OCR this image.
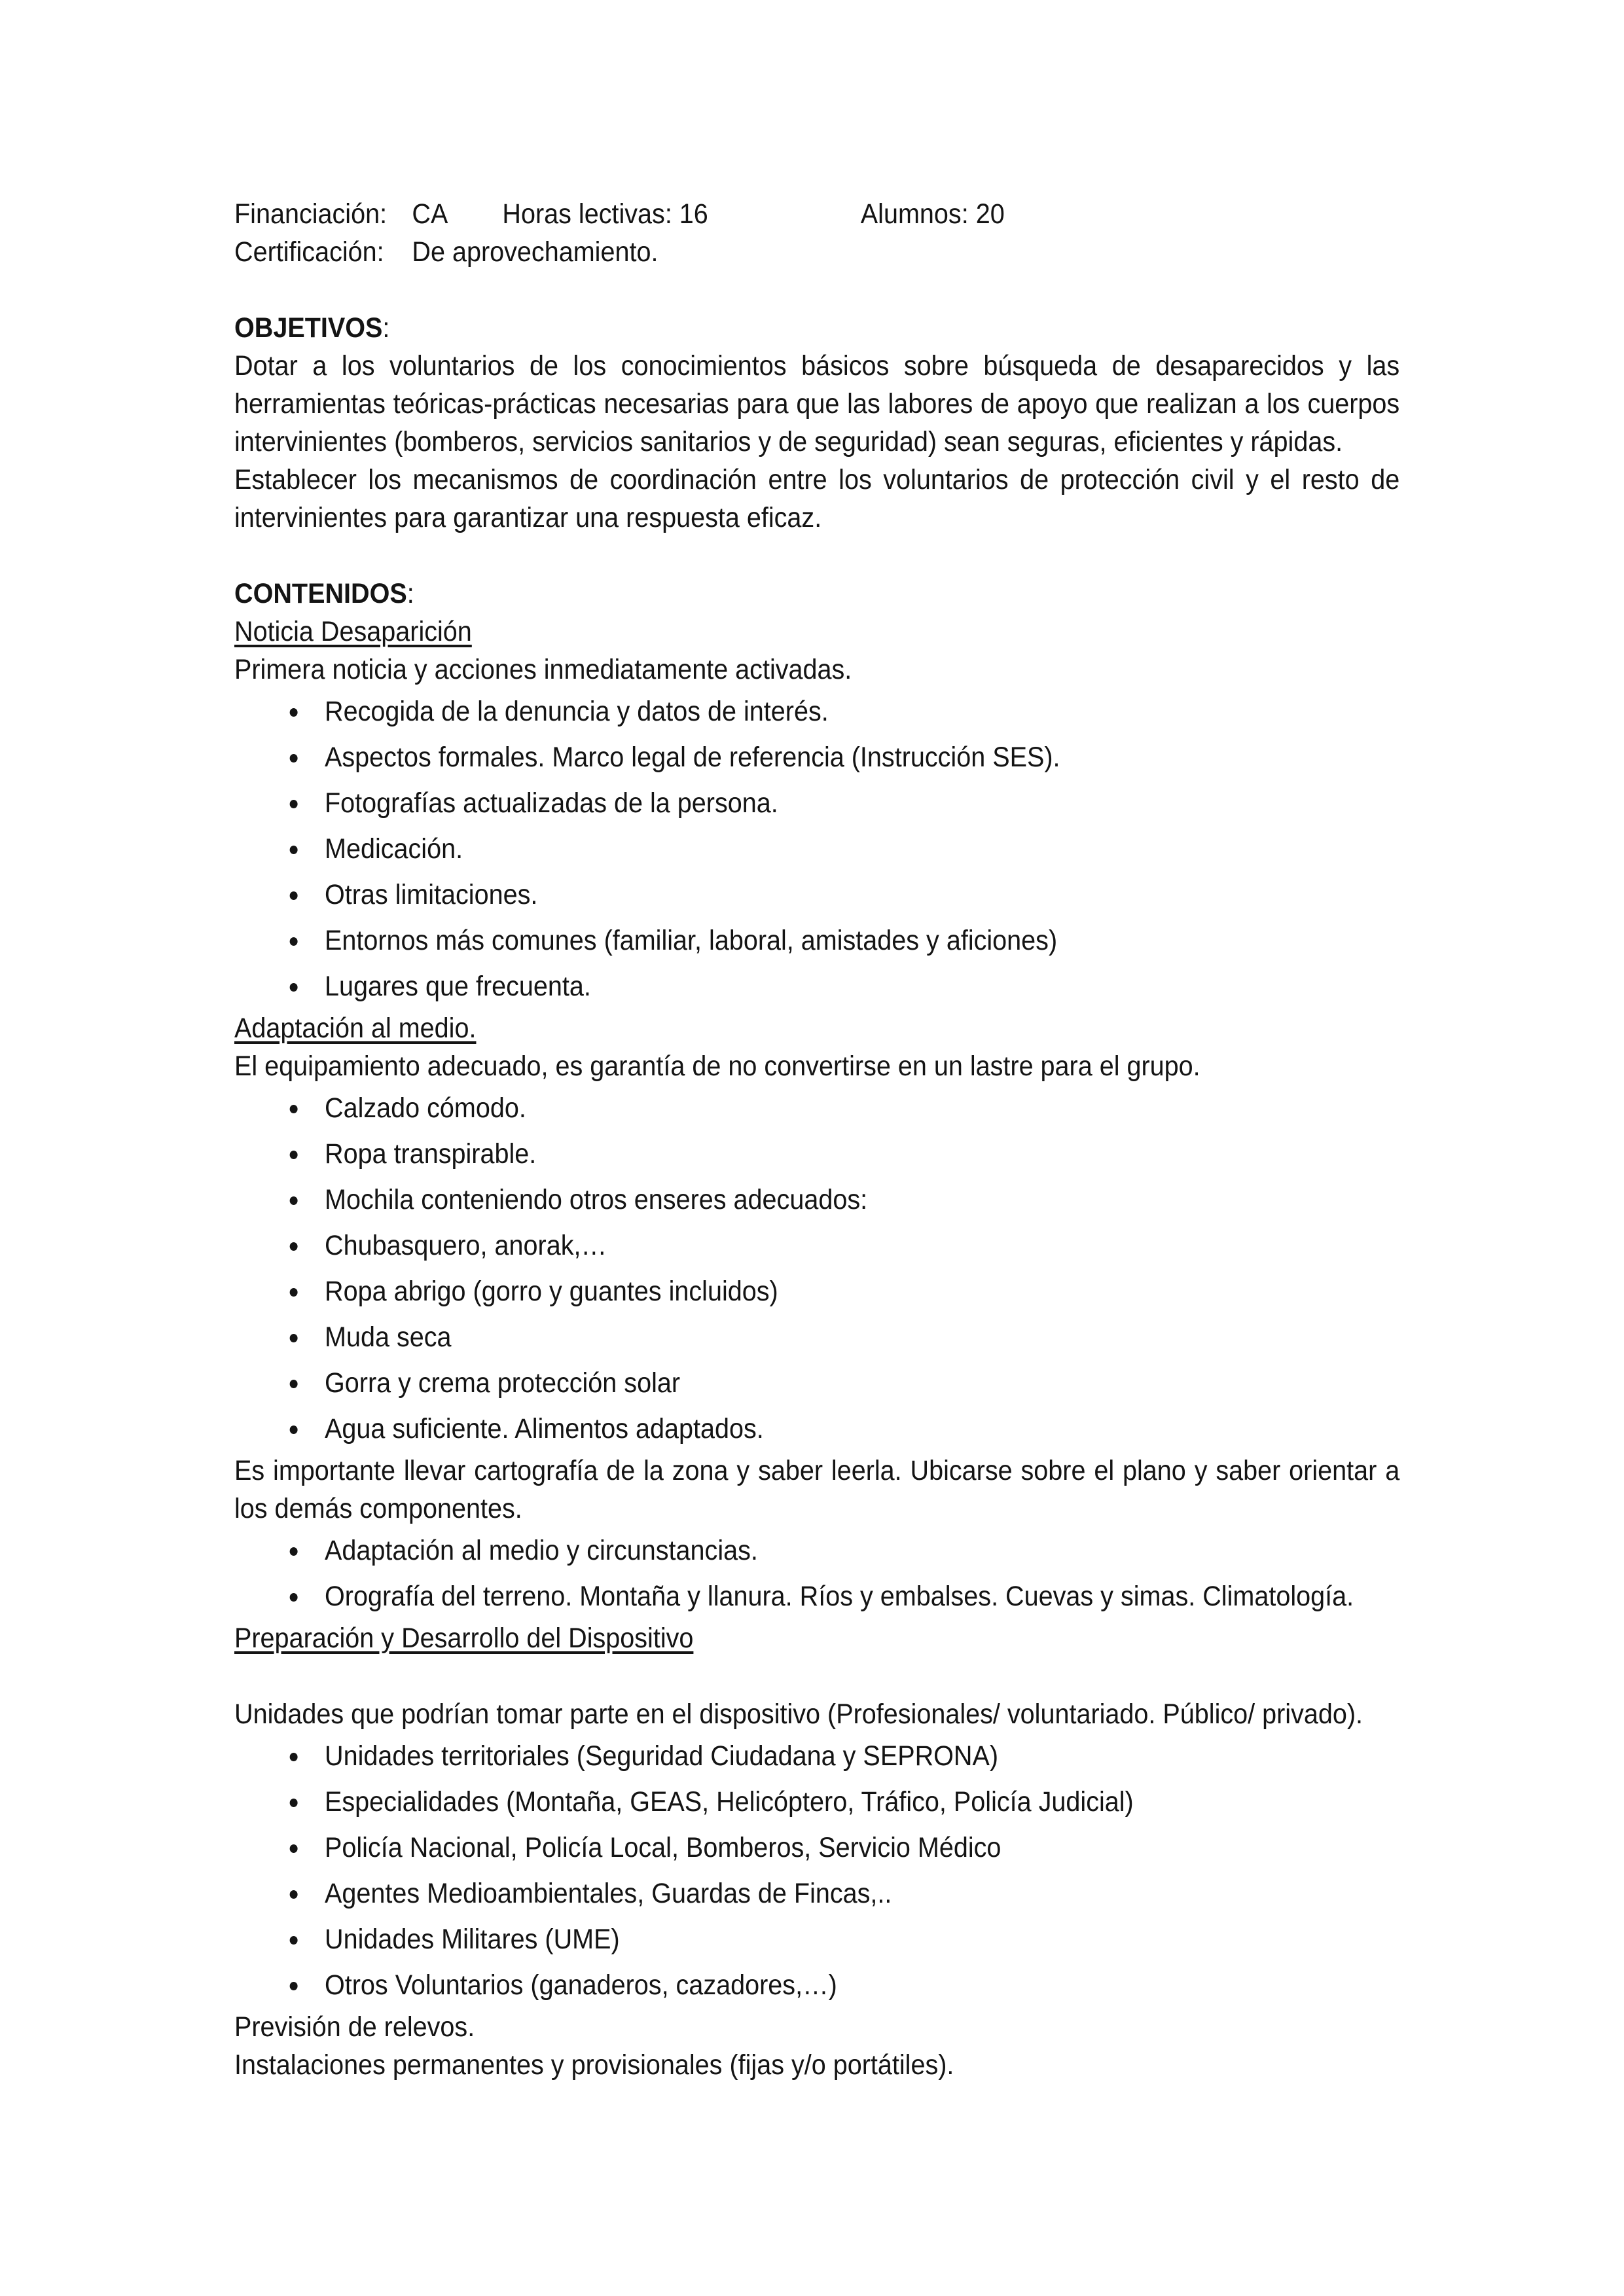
Financiación: CA Horas lectivas: 16	Alumnos: 20
Certificación: De aprovechamiento.
OBJETIVOS:
Dotar a los voluntarios de los conocimientos básicos sobre búsqueda de desaparecidos y las herramientas teóricas-prácticas necesarias para que las labores de apoyo que realizan a los cuerpos intervinientes (bomberos, servicios sanitarios y de seguridad) sean seguras, eficientes y rápidas.
Establecer los mecanismos de coordinación entre los voluntarios de protección civil y el resto de intervinientes para garantizar una respuesta eficaz.
CONTENIDOS:
Noticia Desaparición
Primera noticia y acciones inmediatamente activadas.
Recogida de la denuncia y datos de interés.
Aspectos formales. Marco legal de referencia (Instrucción SES).
Fotografías actualizadas de la persona.
Medicación.
Otras limitaciones.
Entornos más comunes (familiar, laboral, amistades y aficiones)
Lugares que frecuenta.
Adaptación al medio.
El equipamiento adecuado, es garantía de no convertirse en un lastre para el grupo.
Calzado cómodo.
Ropa transpirable.
Mochila conteniendo otros enseres adecuados:
Chubasquero, anorak,…
Ropa abrigo (gorro y guantes incluidos)
Muda seca
Gorra y crema protección solar
Agua suficiente. Alimentos adaptados.
Es importante llevar cartografía de la zona y saber leerla. Ubicarse sobre el plano y saber orientar a los demás componentes.
Adaptación al medio y circunstancias.
Orografía del terreno. Montaña y llanura. Ríos y embalses. Cuevas y simas. Climatología.
Preparación y Desarrollo del Dispositivo
Unidades que podrían tomar parte en el dispositivo (Profesionales/ voluntariado. Público/ privado).
Unidades territoriales (Seguridad Ciudadana y SEPRONA)
Especialidades (Montaña, GEAS, Helicóptero, Tráfico, Policía Judicial)
Policía Nacional, Policía Local, Bomberos, Servicio Médico
Agentes Medioambientales, Guardas de Fincas,..
Unidades Militares (UME)
Otros Voluntarios (ganaderos, cazadores,…)
Previsión de relevos.
Instalaciones permanentes y provisionales (fijas y/o portátiles).
